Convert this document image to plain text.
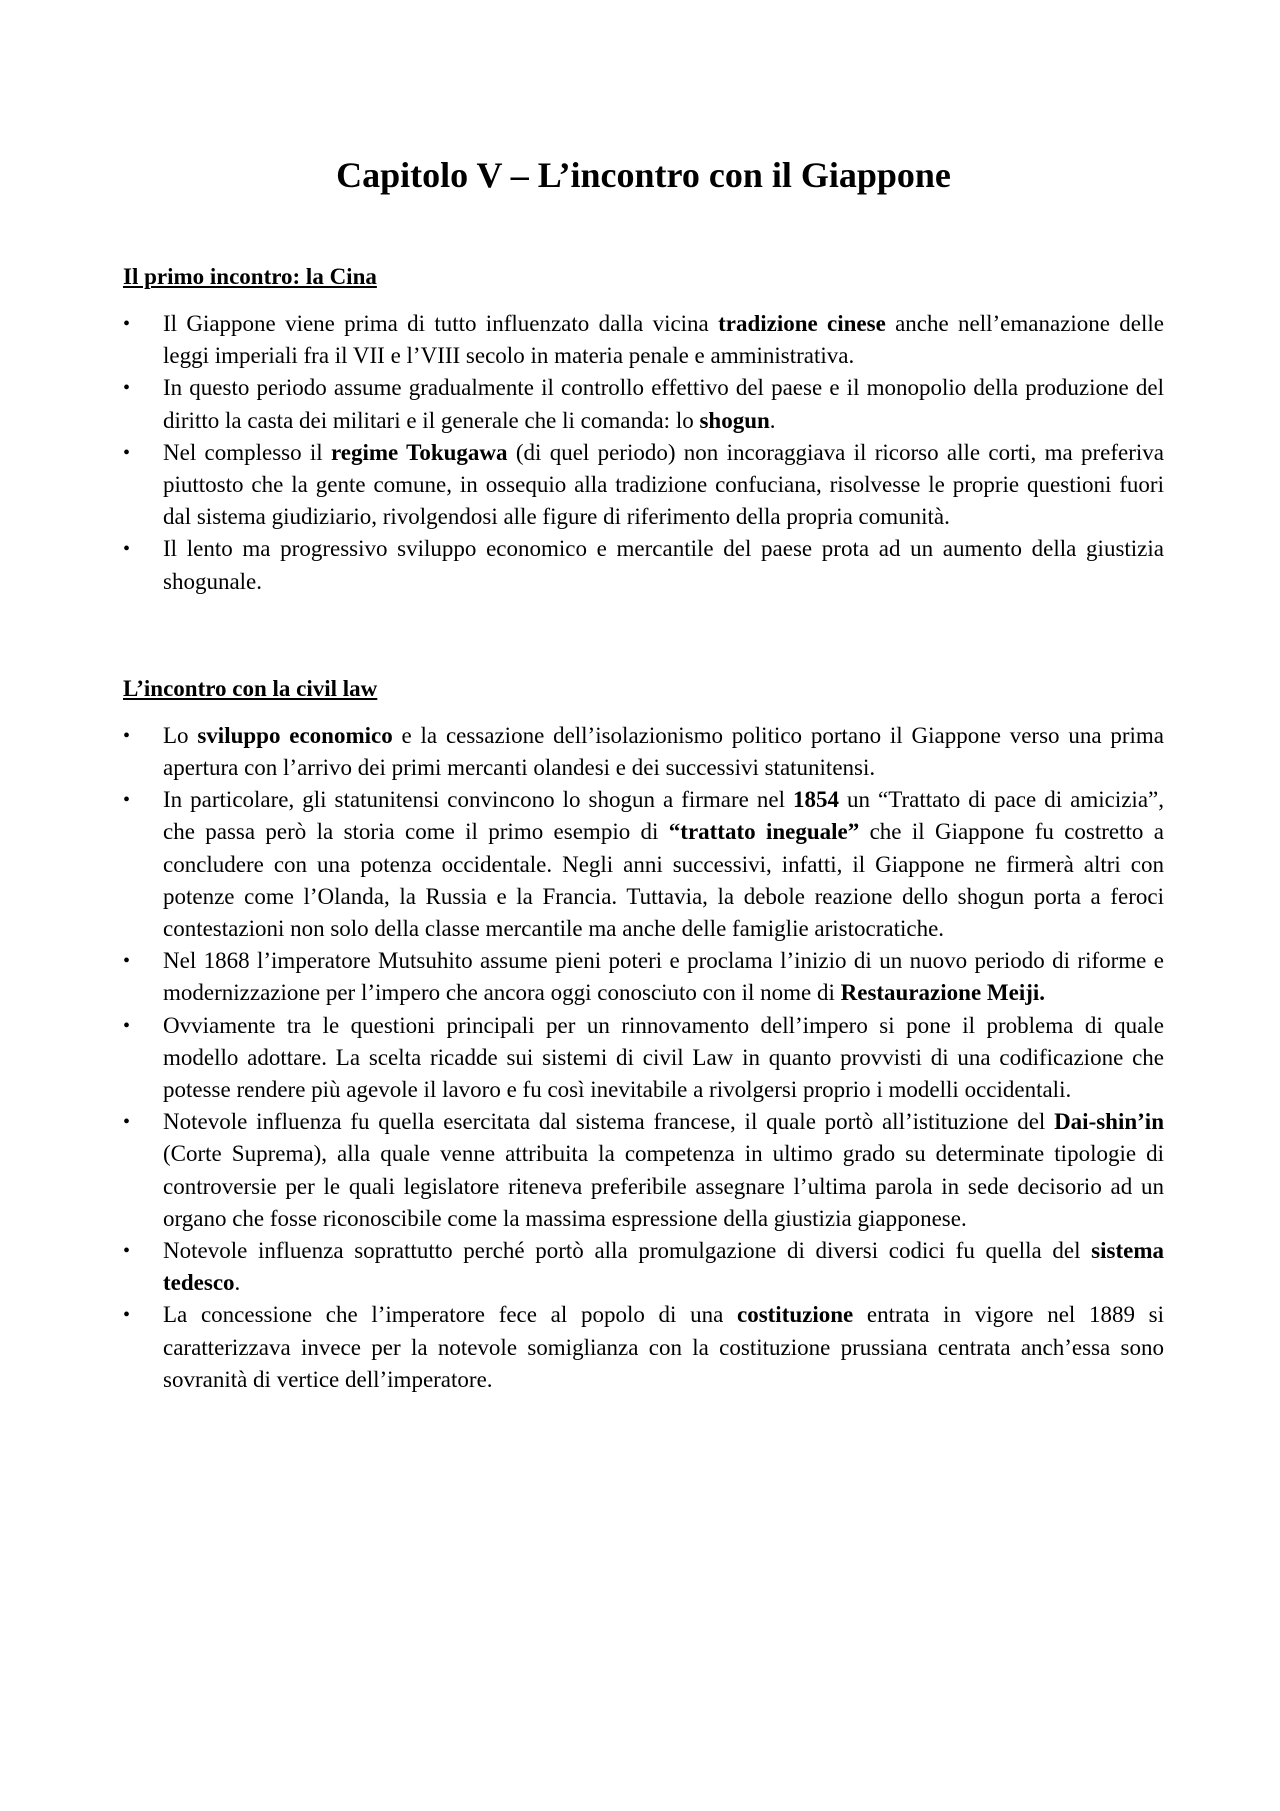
Capitolo V – L’incontro con il Giappone
Il primo incontro: la Cina
•	Il Giappone viene prima di tutto influenzato dalla vicina tradizione cinese anche nell’emanazione delle leggi imperiali fra il VII e l’VIII secolo in materia penale e amministrativa.
•	In questo periodo assume gradualmente il controllo effettivo del paese e il monopolio della produzione del diritto la casta dei militari e il generale che li comanda: lo shogun.
•	Nel complesso il regime Tokugawa (di quel periodo) non incoraggiava il ricorso alle corti, ma preferiva piuttosto che la gente comune, in ossequio alla tradizione confuciana, risolvesse le proprie questioni fuori dal sistema giudiziario, rivolgendosi alle figure di riferimento della propria comunità.
•	Il lento ma progressivo sviluppo economico e mercantile del paese prota ad un aumento della giustizia shogunale.
L’incontro con la civil law
•	Lo sviluppo economico e la cessazione dell’isolazionismo politico portano il Giappone verso una prima apertura con l’arrivo dei primi mercanti olandesi e dei successivi statunitensi.
•	In particolare, gli statunitensi convincono lo shogun a firmare nel 1854 un “Trattato di pace di amicizia”, che passa però la storia come il primo esempio di “trattato ineguale” che il Giappone fu costretto a concludere con una potenza occidentale. Negli anni successivi, infatti, il Giappone ne firmerà altri con potenze come l’Olanda, la Russia e la Francia. Tuttavia, la debole reazione dello shogun porta a feroci contestazioni non solo della classe mercantile ma anche delle famiglie aristocratiche.
•	Nel 1868 l’imperatore Mutsuhito assume pieni poteri e proclama l’inizio di un nuovo periodo di riforme e modernizzazione per l’impero che ancora oggi conosciuto con il nome di Restaurazione Meiji.
•	Ovviamente tra le questioni principali per un rinnovamento dell’impero si pone il problema di quale modello adottare. La scelta ricadde sui sistemi di civil Law in quanto provvisti di una codificazione che potesse rendere più agevole il lavoro e fu così inevitabile a rivolgersi proprio i modelli occidentali.
•	Notevole influenza fu quella esercitata dal sistema francese, il quale portò all’istituzione del Dai-shin’in (Corte Suprema), alla quale venne attribuita la competenza in ultimo grado su determinate tipologie di controversie per le quali legislatore riteneva preferibile assegnare l’ultima parola in sede decisorio ad un organo che fosse riconoscibile come la massima espressione della giustizia giapponese.
•	Notevole influenza soprattutto perché portò alla promulgazione di diversi codici fu quella del sistema tedesco.
•	La concessione che l’imperatore fece al popolo di una costituzione entrata in vigore nel 1889 si caratterizzava invece per la notevole somiglianza con la costituzione prussiana centrata anch’essa sono sovranità di vertice dell’imperatore.
